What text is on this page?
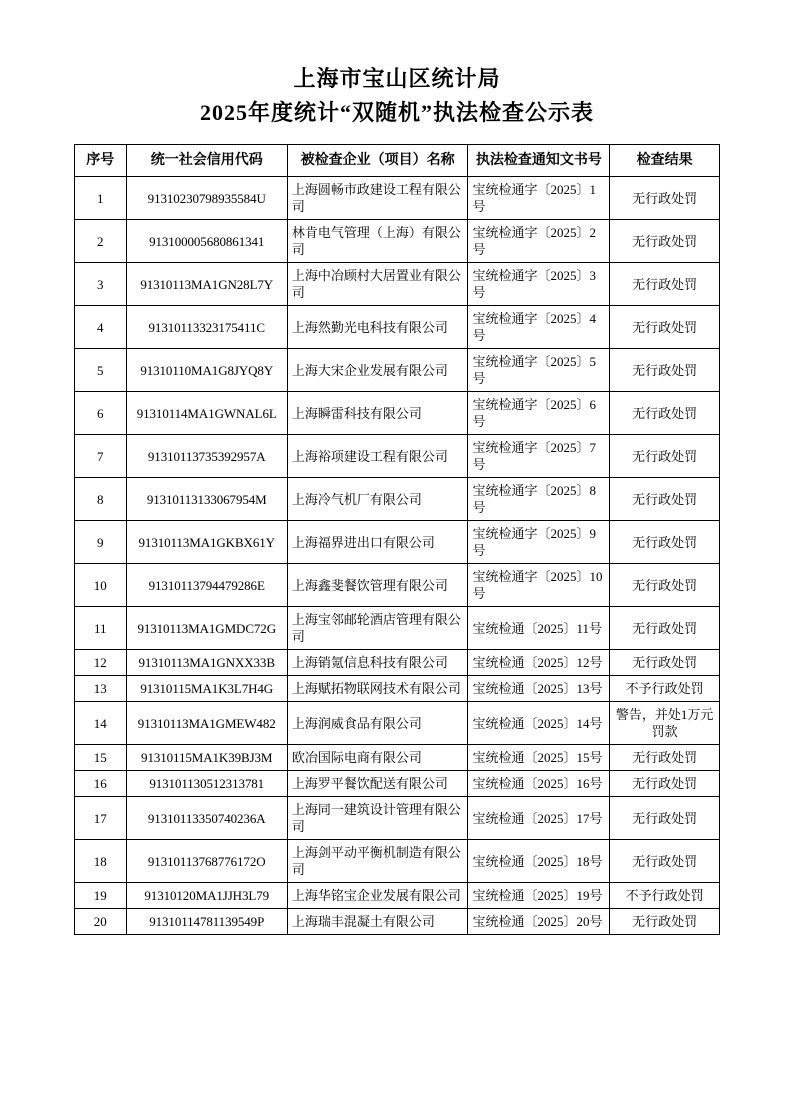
上海市宝山区统计局
2025年度统计“双随机”执法检查公示表
序号	统一社会信用代码	被检查企业（项目）名称	执法检查通知文书号	检查结果
1	91310230798935584U	上海圆畅市政建设工程有限公司	宝统检通字〔2025〕1号	无行政处罚
2	913100005680861341	林肯电气管理（上海）有限公司	宝统检通字〔2025〕2号	无行政处罚
3	91310113MA1GN28L7Y	上海中冶顾村大居置业有限公司	宝统检通字〔2025〕3号	无行政处罚
4	91310113323175411C	上海然勤光电科技有限公司	宝统检通字〔2025〕4号	无行政处罚
5	91310110MA1G8JYQ8Y	上海大宋企业发展有限公司	宝统检通字〔2025〕5号	无行政处罚
6	91310114MA1GWNAL6L	上海瞬雷科技有限公司	宝统检通字〔2025〕6号	无行政处罚
7	91310113735392957A	上海裕项建设工程有限公司	宝统检通字〔2025〕7号	无行政处罚
8	91310113133067954M	上海冷气机厂有限公司	宝统检通字〔2025〕8号	无行政处罚
9	91310113MA1GKBX61Y	上海福界进出口有限公司	宝统检通字〔2025〕9号	无行政处罚
10	91310113794479286E	上海鑫斐餐饮管理有限公司	宝统检通字〔2025〕10号	无行政处罚
11	91310113MA1GMDC72G	上海宝邻邮轮酒店管理有限公司	宝统检通〔2025〕11号	无行政处罚
12	91310113MA1GNXX33B	上海销氪信息科技有限公司	宝统检通〔2025〕12号	无行政处罚
13	91310115MA1K3L7H4G	上海赋拓物联网技术有限公司	宝统检通〔2025〕13号	不予行政处罚
14	91310113MA1GMEW482	上海润威食品有限公司	宝统检通〔2025〕14号	警告，并处1万元罚款
15	91310115MA1K39BJ3M	欧冶国际电商有限公司	宝统检通〔2025〕15号	无行政处罚
16	913101130512313781	上海罗平餐饮配送有限公司	宝统检通〔2025〕16号	无行政处罚
17	91310113350740236A	上海同一建筑设计管理有限公司	宝统检通〔2025〕17号	无行政处罚
18	91310113768776172O	上海剑平动平衡机制造有限公司	宝统检通〔2025〕18号	无行政处罚
19	91310120MA1JJH3L79	上海华铭宝企业发展有限公司	宝统检通〔2025〕19号	不予行政处罚
20	91310114781139549P	上海瑞丰混凝土有限公司	宝统检通〔2025〕20号	无行政处罚
